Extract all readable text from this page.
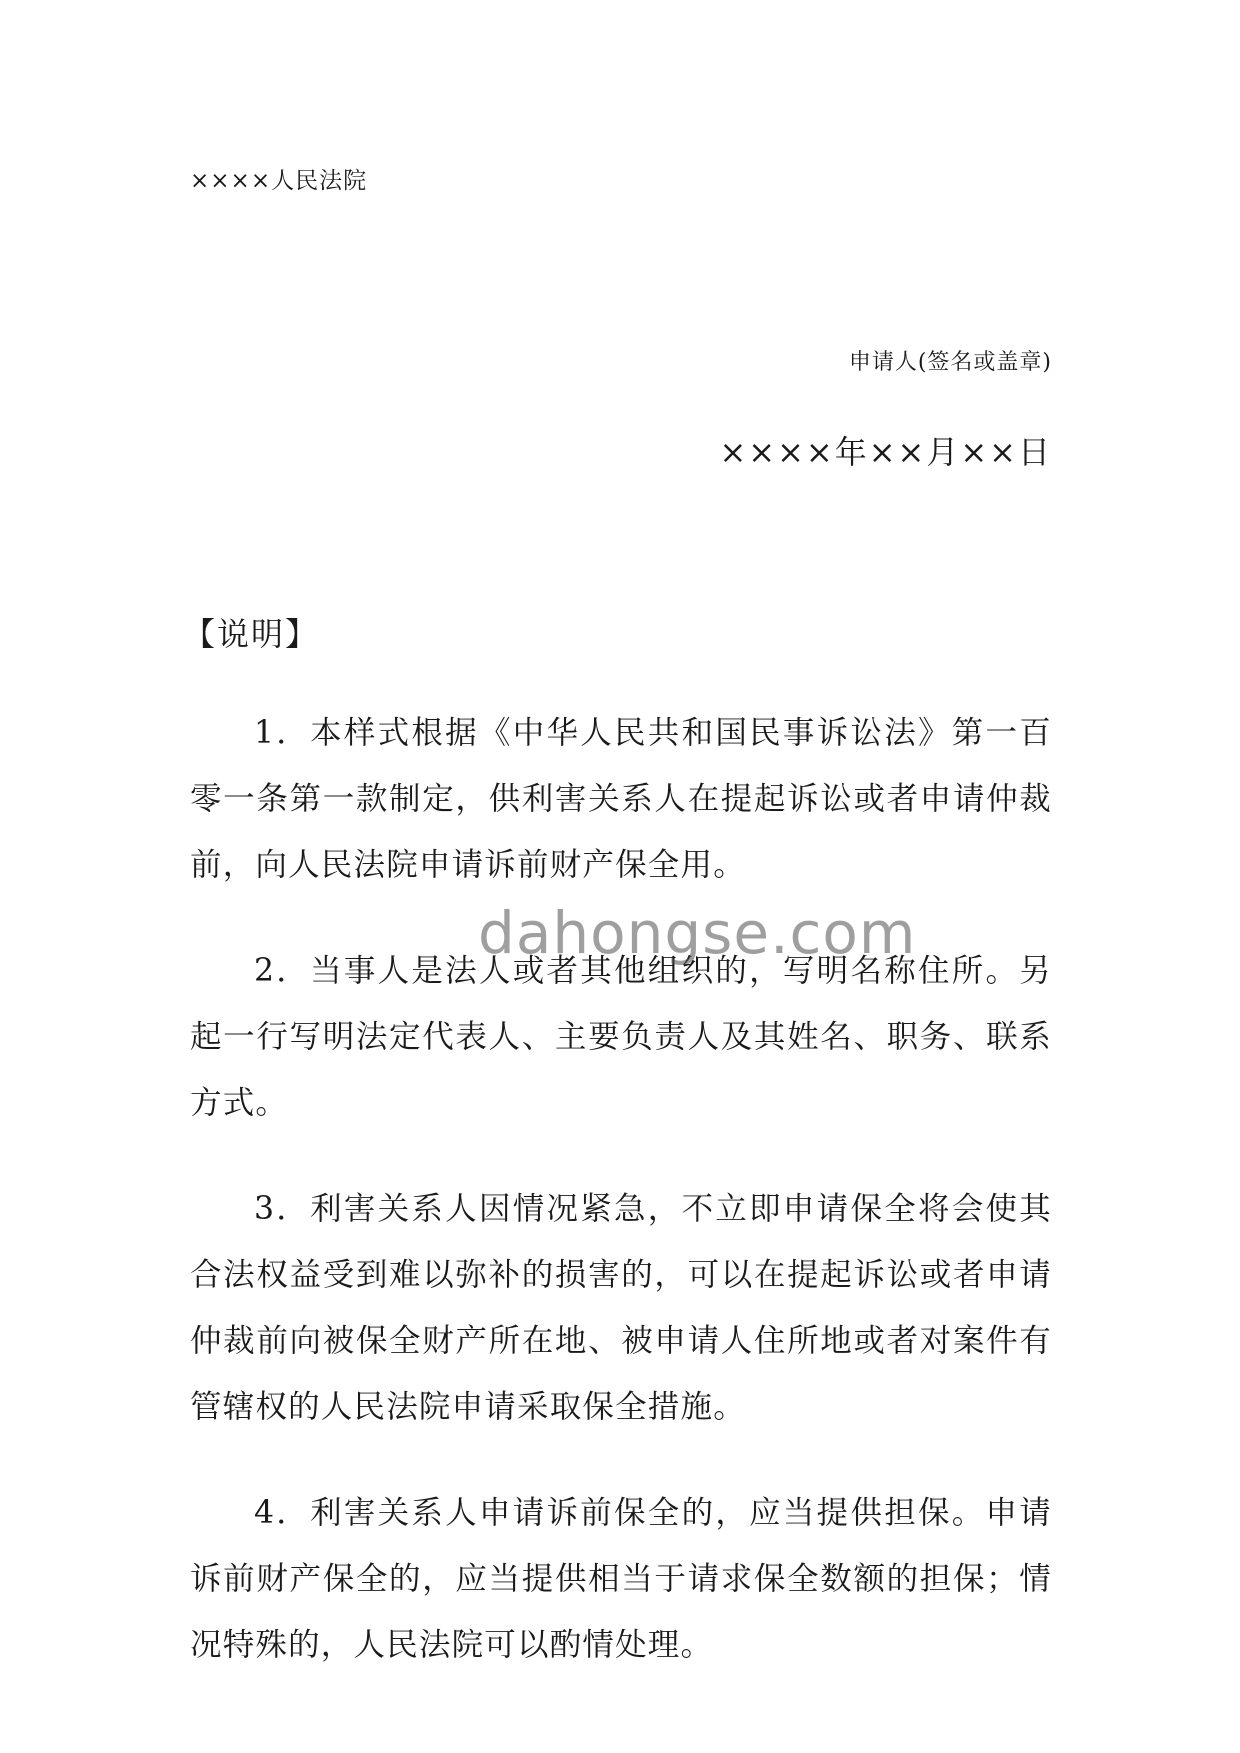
××××人民法院
申请人(签名或盖章)
××××年××月××日
【说明】

1．本样式根据《中华人民共和国民事诉讼法》第一百零一条第一款制定，供利害关系人在提起诉讼或者申请仲裁前，向人民法院申请诉前财产保全用。

2．当事人是法人或者其他组织的，写明名称住所。另起一行写明法定代表人、主要负责人及其姓名、职务、联系方式。

3．利害关系人因情况紧急，不立即申请保全将会使其合法权益受到难以弥补的损害的，可以在提起诉讼或者申请仲裁前向被保全财产所在地、被申请人住所地或者对案件有管辖权的人民法院申请采取保全措施。

4．利害关系人申请诉前保全的，应当提供担保。申请诉前财产保全的，应当提供相当于请求保全数额的担保；情况特殊的，人民法院可以酌情处理。

dahongse.com
